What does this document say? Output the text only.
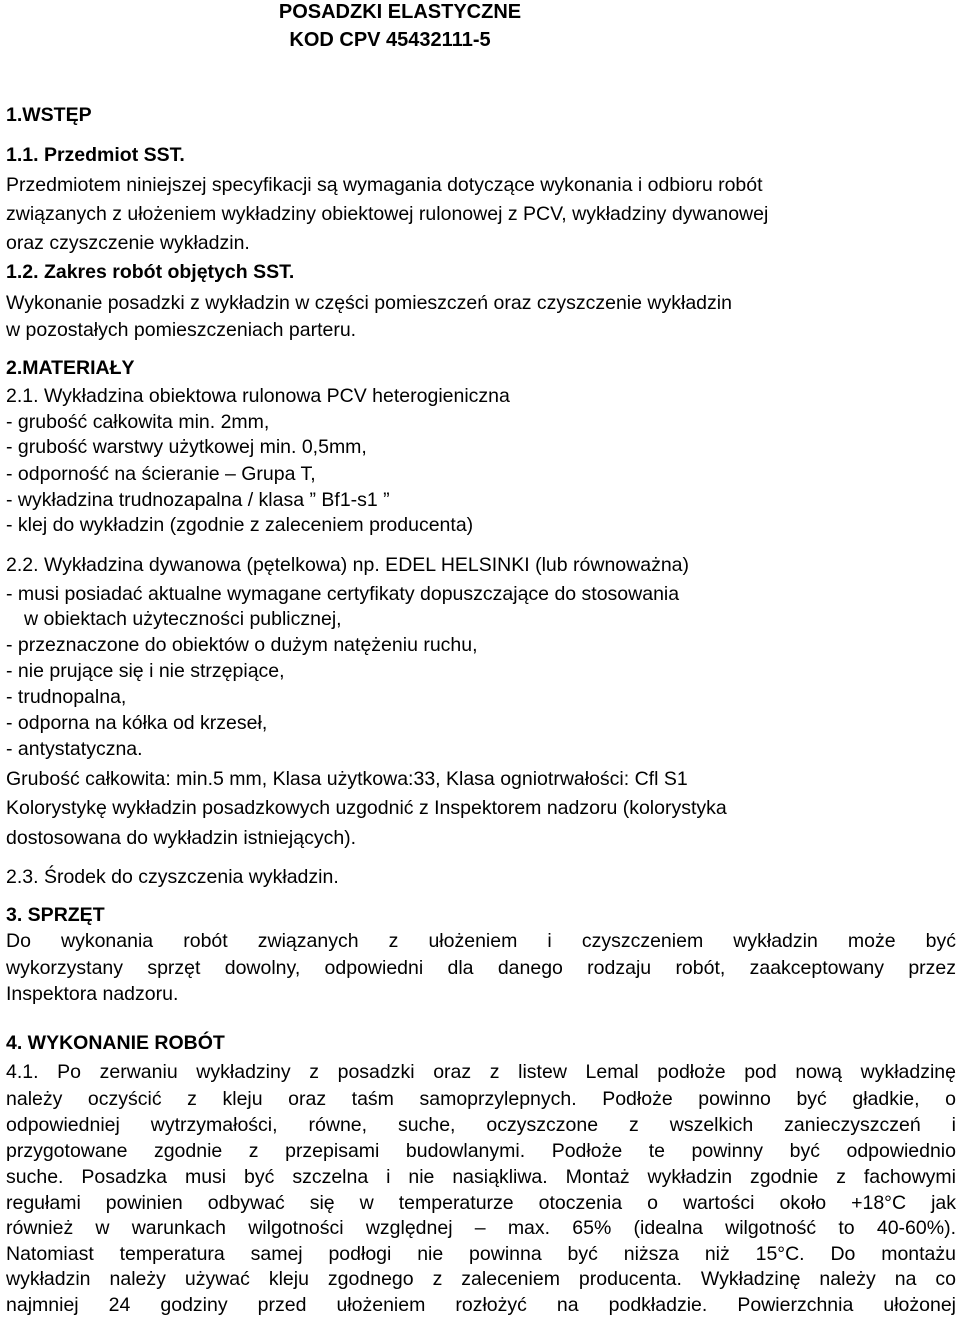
POSADZKI ELASTYCZNE
KOD CPV 45432111-5
1.WSTĘP
1.1. Przedmiot SST.
Przedmiotem niniejszej specyfikacji są wymagania dotyczące wykonania i odbioru robót
związanych z ułożeniem wykładziny obiektowej rulonowej z PCV, wykładziny dywanowej
oraz czyszczenie wykładzin.
1.2. Zakres robót objętych SST.
Wykonanie posadzki z wykładzin w części pomieszczeń oraz czyszczenie wykładzin
w pozostałych pomieszczeniach parteru.
2.MATERIAŁY
2.1. Wykładzina obiektowa rulonowa PCV heterogieniczna
- grubość całkowita min. 2mm,
- grubość warstwy użytkowej min. 0,5mm,
- odporność na ścieranie – Grupa T,
- wykładzina trudnozapalna / klasa ” Bf1-s1 ”
- klej do wykładzin (zgodnie z zaleceniem producenta)
2.2. Wykładzina dywanowa (pętelkowa) np. EDEL HELSINKI (lub równoważna)
- musi posiadać aktualne wymagane certyfikaty dopuszczające do stosowania
w obiektach użyteczności publicznej,
- przeznaczone do obiektów o dużym natężeniu ruchu,
- nie prujące się i nie strzępiące,
- trudnopalna,
- odporna na kółka od krzeseł,
- antystatyczna.
Grubość całkowita: min.5 mm, Klasa użytkowa:33, Klasa ogniotrwałości: Cfl S1
Kolorystykę wykładzin posadzkowych uzgodnić z Inspektorem nadzoru (kolorystyka
dostosowana do wykładzin istniejących).
2.3. Środek do czyszczenia wykładzin.
3. SPRZĘT
Do wykonania robót związanych z ułożeniem i czyszczeniem wykładzin może być
wykorzystany sprzęt dowolny, odpowiedni dla danego rodzaju robót, zaakceptowany przez
Inspektora nadzoru.
4. WYKONANIE ROBÓT
4.1. Po zerwaniu wykładziny z posadzki oraz z listew Lemal podłoże pod nową wykładzinę
należy oczyścić z kleju oraz taśm samoprzylepnych. Podłoże powinno być gładkie, o
odpowiedniej wytrzymałości, równe, suche, oczyszczone z wszelkich zanieczyszczeń i
przygotowane zgodnie z przepisami budowlanymi. Podłoże te powinny być odpowiednio
suche. Posadzka musi być szczelna i nie nasiąkliwa. Montaż wykładzin zgodnie z fachowymi
regułami powinien odbywać się w temperaturze otoczenia o wartości około +18°C jak
również w warunkach wilgotności względnej – max. 65% (idealna wilgotność to 40-60%).
Natomiast temperatura samej podłogi nie powinna być niższa niż 15°C. Do montażu
wykładzin należy używać kleju zgodnego z zaleceniem producenta. Wykładzinę należy na co
najmniej 24 godziny przed ułożeniem rozłożyć na podkładzie. Powierzchnia ułożonej
